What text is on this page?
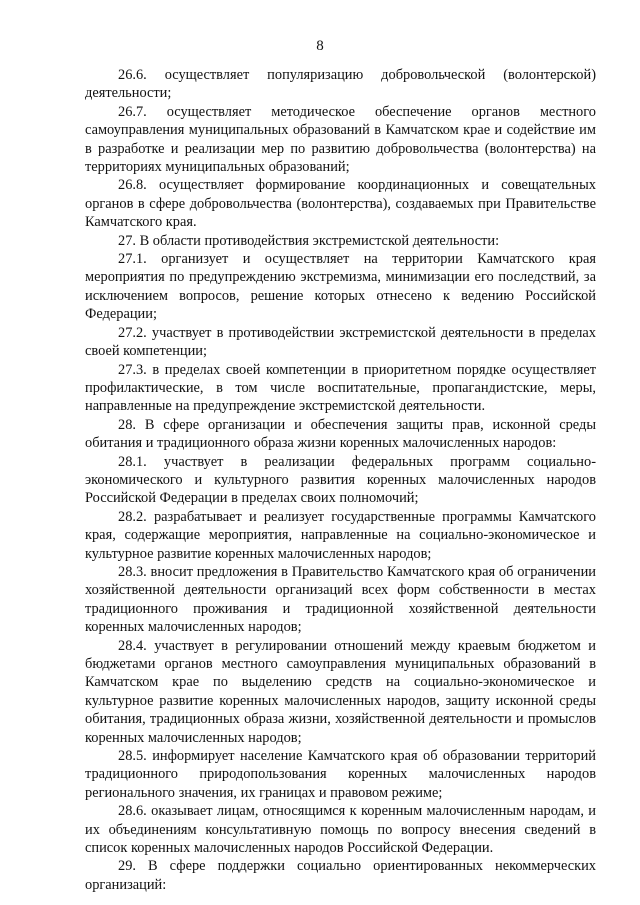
8

26.6. осуществляет популяризацию добровольческой (волонтерской) деятельности;

26.7. осуществляет методическое обеспечение органов местного самоуправления муниципальных образований в Камчатском крае и содействие им в разработке и реализации мер по развитию добровольчества (волонтерства) на территориях муниципальных образований;

26.8. осуществляет формирование координационных и совещательных органов в сфере добровольчества (волонтерства), создаваемых при Правительстве Камчатского края.

27. В области противодействия экстремистской деятельности:

27.1. организует и осуществляет на территории Камчатского края мероприятия по предупреждению экстремизма, минимизации его последствий, за исключением вопросов, решение которых отнесено к ведению Российской Федерации;

27.2. участвует в противодействии экстремистской деятельности в пределах своей компетенции;

27.3. в пределах своей компетенции в приоритетном порядке осуществляет профилактические, в том числе воспитательные, пропагандистские, меры, направленные на предупреждение экстремистской деятельности.

28. В сфере организации и обеспечения защиты прав, исконной среды обитания и традиционного образа жизни коренных малочисленных народов:

28.1. участвует в реализации федеральных программ социально-экономического и культурного развития коренных малочисленных народов Российской Федерации в пределах своих полномочий;

28.2. разрабатывает и реализует государственные программы Камчатского края, содержащие мероприятия, направленные на социально-экономическое и культурное развитие коренных малочисленных народов;

28.3. вносит предложения в Правительство Камчатского края об ограничении хозяйственной деятельности организаций всех форм собственности в местах традиционного проживания и традиционной хозяйственной деятельности коренных малочисленных народов;

28.4. участвует в регулировании отношений между краевым бюджетом и бюджетами органов местного самоуправления муниципальных образований в Камчатском крае по выделению средств на социально-экономическое и культурное развитие коренных малочисленных народов, защиту исконной среды обитания, традиционных образа жизни, хозяйственной деятельности и промыслов коренных малочисленных народов;

28.5. информирует население Камчатского края об образовании территорий традиционного природопользования коренных малочисленных народов регионального значения, их границах и правовом режиме;

28.6. оказывает лицам, относящимся к коренным малочисленным народам, и их объединениям консультативную помощь по вопросу внесения сведений в список коренных малочисленных народов Российской Федерации.

29. В сфере поддержки социально ориентированных некоммерческих организаций:
